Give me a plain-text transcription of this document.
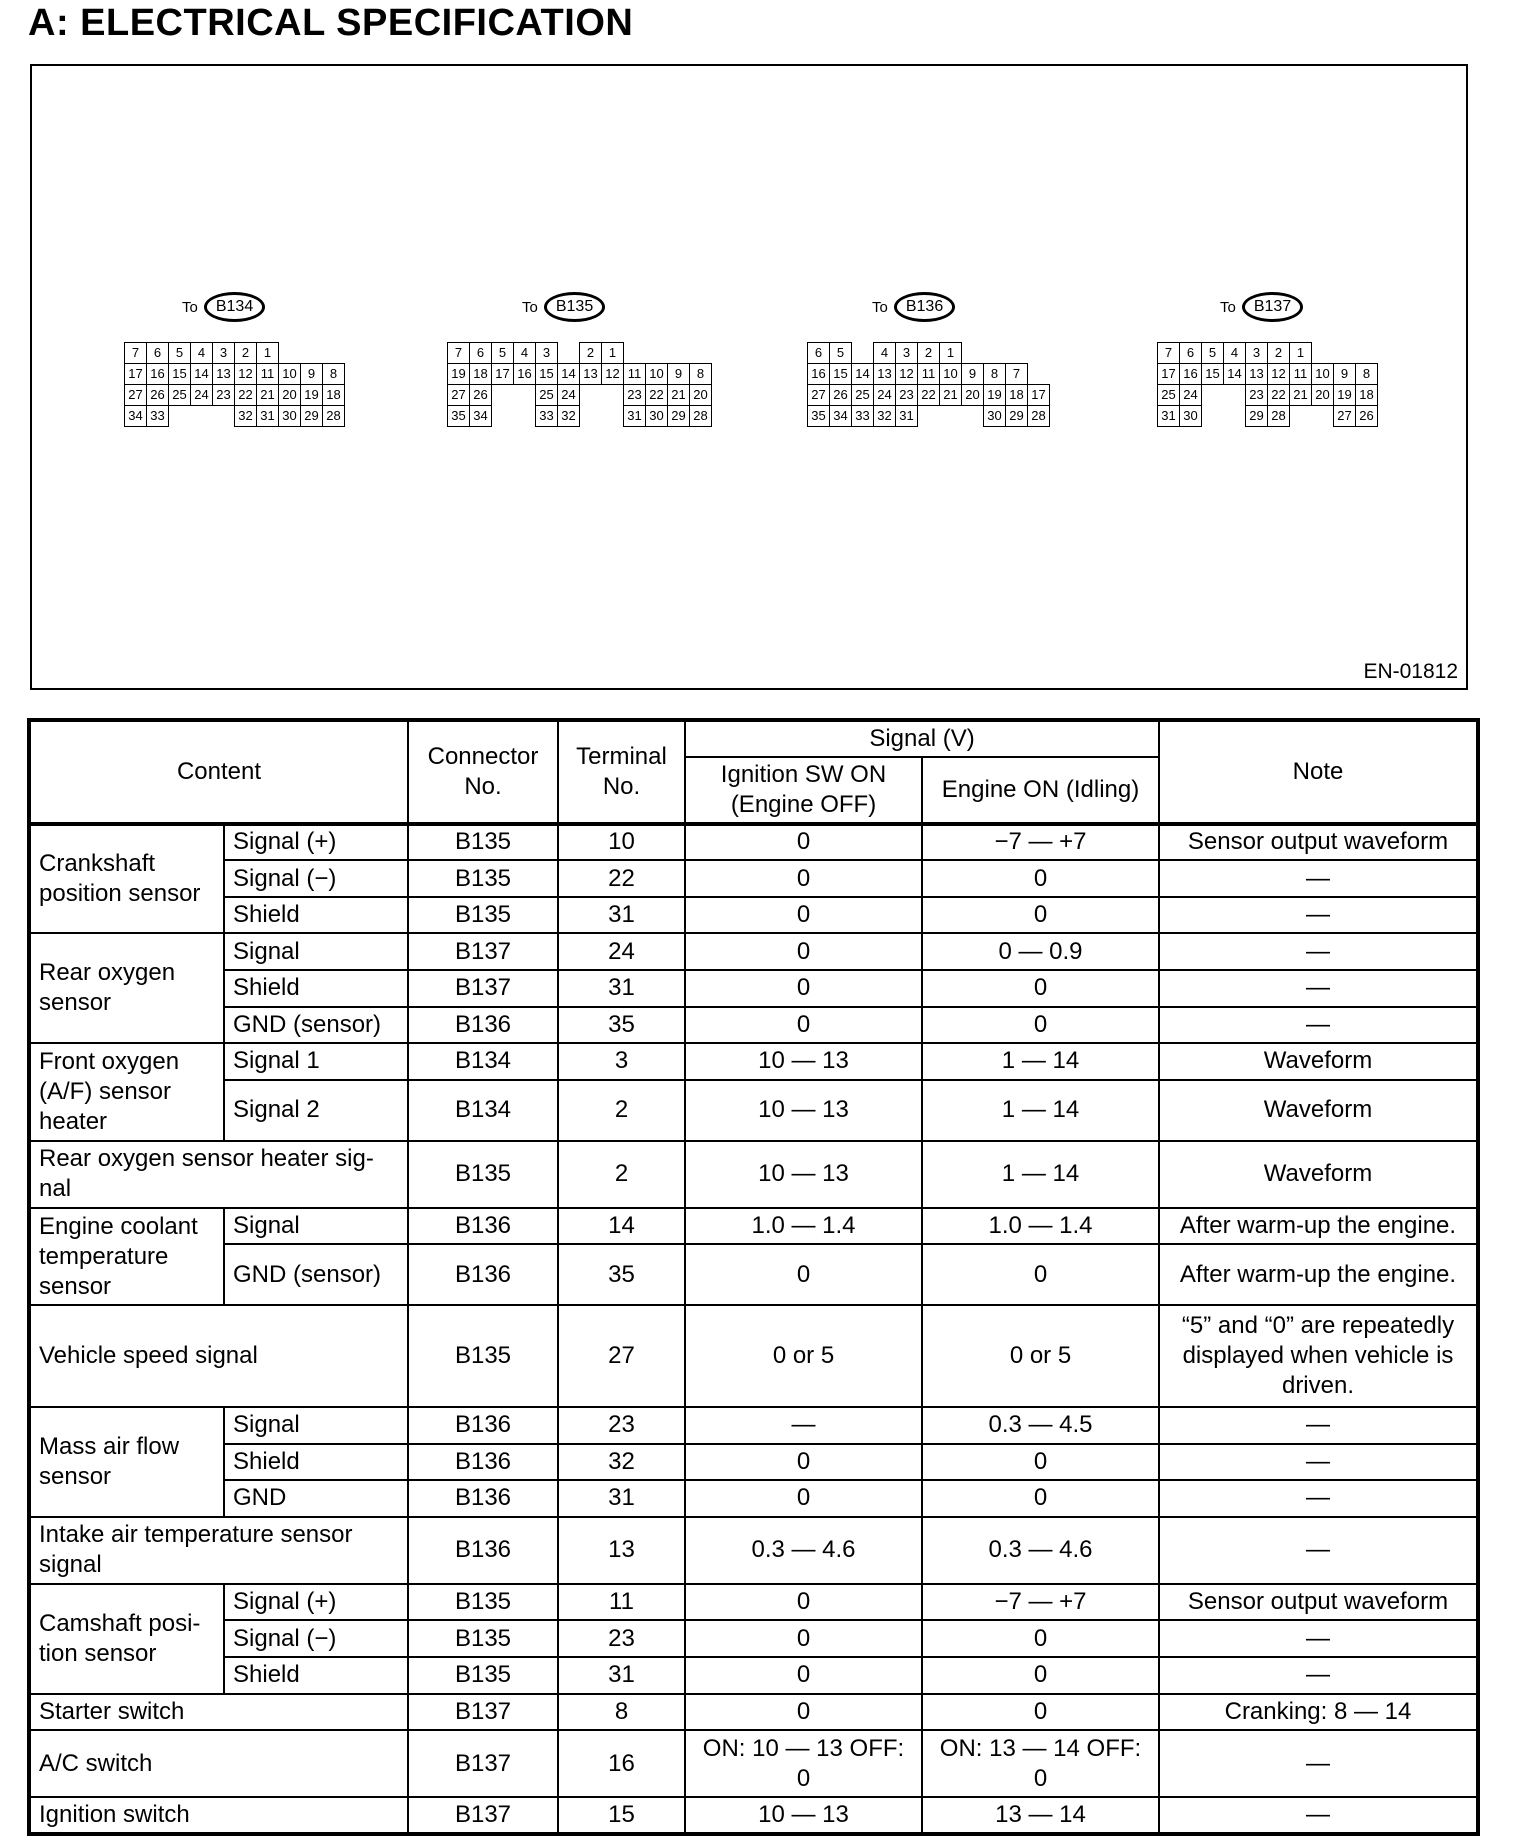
A: ELECTRICAL SPECIFICATION
EN-01812
To	B134
7	6	5	4	3	2	1			
17	16	15	14	13	12	11	10	9	8
27	26	25	24	23	22	21	20	19	18
34	33				32	31	30	29	28
To	B135
7	6	5	4	3		2	1				
19	18	17	16	15	14	13	12	11	10	9	8
27	26			25	24			23	22	21	20
35	34			33	32			31	30	29	28
To	B136
6	5		4	3	2	1				
16	15	14	13	12	11	10	9	8	7	
27	26	25	24	23	22	21	20	19	18	17
35	34	33	32	31				30	29	28
To	B137
7	6	5	4	3	2	1			
17	16	15	14	13	12	11	10	9	8
25	24			23	22	21	20	19	18
31	30			29	28			27	26
Content		Connector No.	Terminal No.	Signal (V)		Note
				Ignition SW ON (Engine OFF)	Engine ON (Idling)	
Crankshaft position sensor	Signal (+)	B135	10	0	−7 — +7	Sensor output waveform
	Signal (−)	B135	22	0	0	—
	Shield	B135	31	0	0	—
Rear oxygen sensor	Signal	B137	24	0	0 — 0.9	—
	Shield	B137	31	0	0	—
	GND (sensor)	B136	35	0	0	—
Front oxygen (A/F) sensor heater	Signal 1	B134	3	10 — 13	1 — 14	Waveform
	Signal 2	B134	2	10 — 13	1 — 14	Waveform
Rear oxygen sensor heater sig-nal		B135	2	10 — 13	1 — 14	Waveform
Engine coolant temperature sensor	Signal	B136	14	1.0 — 1.4	1.0 — 1.4	After warm-up the engine.
	GND (sensor)	B136	35	0	0	After warm-up the engine.
Vehicle speed signal		B135	27	0 or 5	0 or 5	“5” and “0” are repeatedly displayed when vehicle is driven.
Mass air flow sensor	Signal	B136	23	—	0.3 — 4.5	—
	Shield	B136	32	0	0	—
	GND	B136	31	0	0	—
Intake air temperature sensor signal		B136	13	0.3 — 4.6	0.3 — 4.6	—
Camshaft posi-tion sensor	Signal (+)	B135	11	0	−7 — +7	Sensor output waveform
	Signal (−)	B135	23	0	0	—
	Shield	B135	31	0	0	—
Starter switch		B137	8	0	0	Cranking: 8 — 14
A/C switch		B137	16	ON: 10 — 13 OFF: 0	ON: 13 — 14 OFF: 0	—
Ignition switch		B137	15	10 — 13	13 — 14	—
